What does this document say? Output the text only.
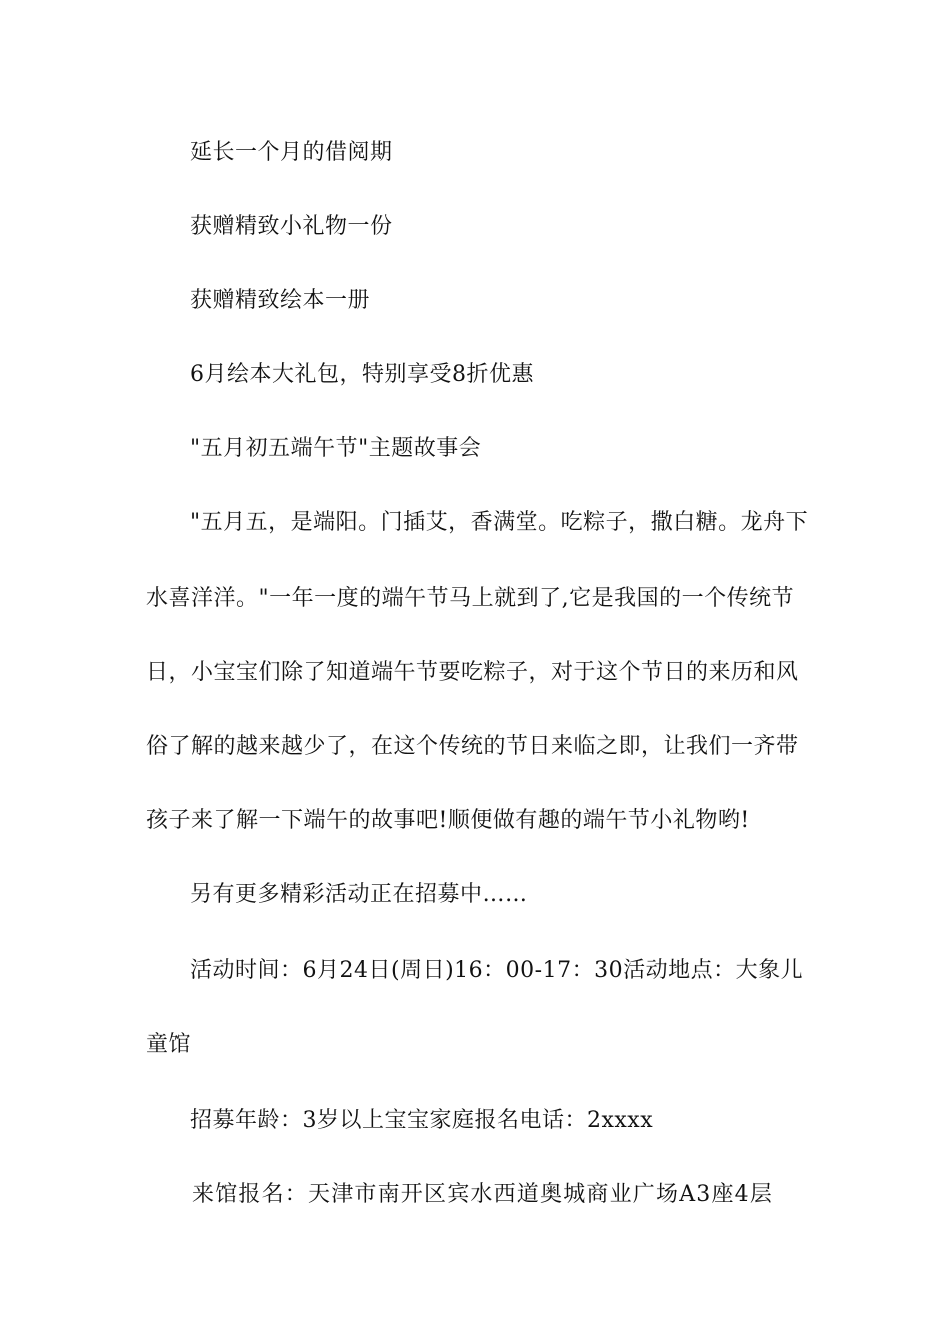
延长一个月的借阅期
获赠精致小礼物一份
获赠精致绘本一册
6月绘本大礼包，特别享受8折优惠
"五月初五端午节"主题故事会
"五月五，是端阳。门插艾，香满堂。吃粽子，撒白糖。龙舟下
水喜洋洋。"一年一度的端午节马上就到了,它是我国的一个传统节
日，小宝宝们除了知道端午节要吃粽子，对于这个节日的来历和风
俗了解的越来越少了，在这个传统的节日来临之即，让我们一齐带
孩子来了解一下端午的故事吧!顺便做有趣的端午节小礼物哟!
另有更多精彩活动正在招募中……
活动时间：6月24日(周日)16：00-17：30活动地点：大象儿
童馆
招募年龄：3岁以上宝宝家庭报名电话：2xxxx
来馆报名：天津市南开区宾水西道奥城商业广场A3座4层
